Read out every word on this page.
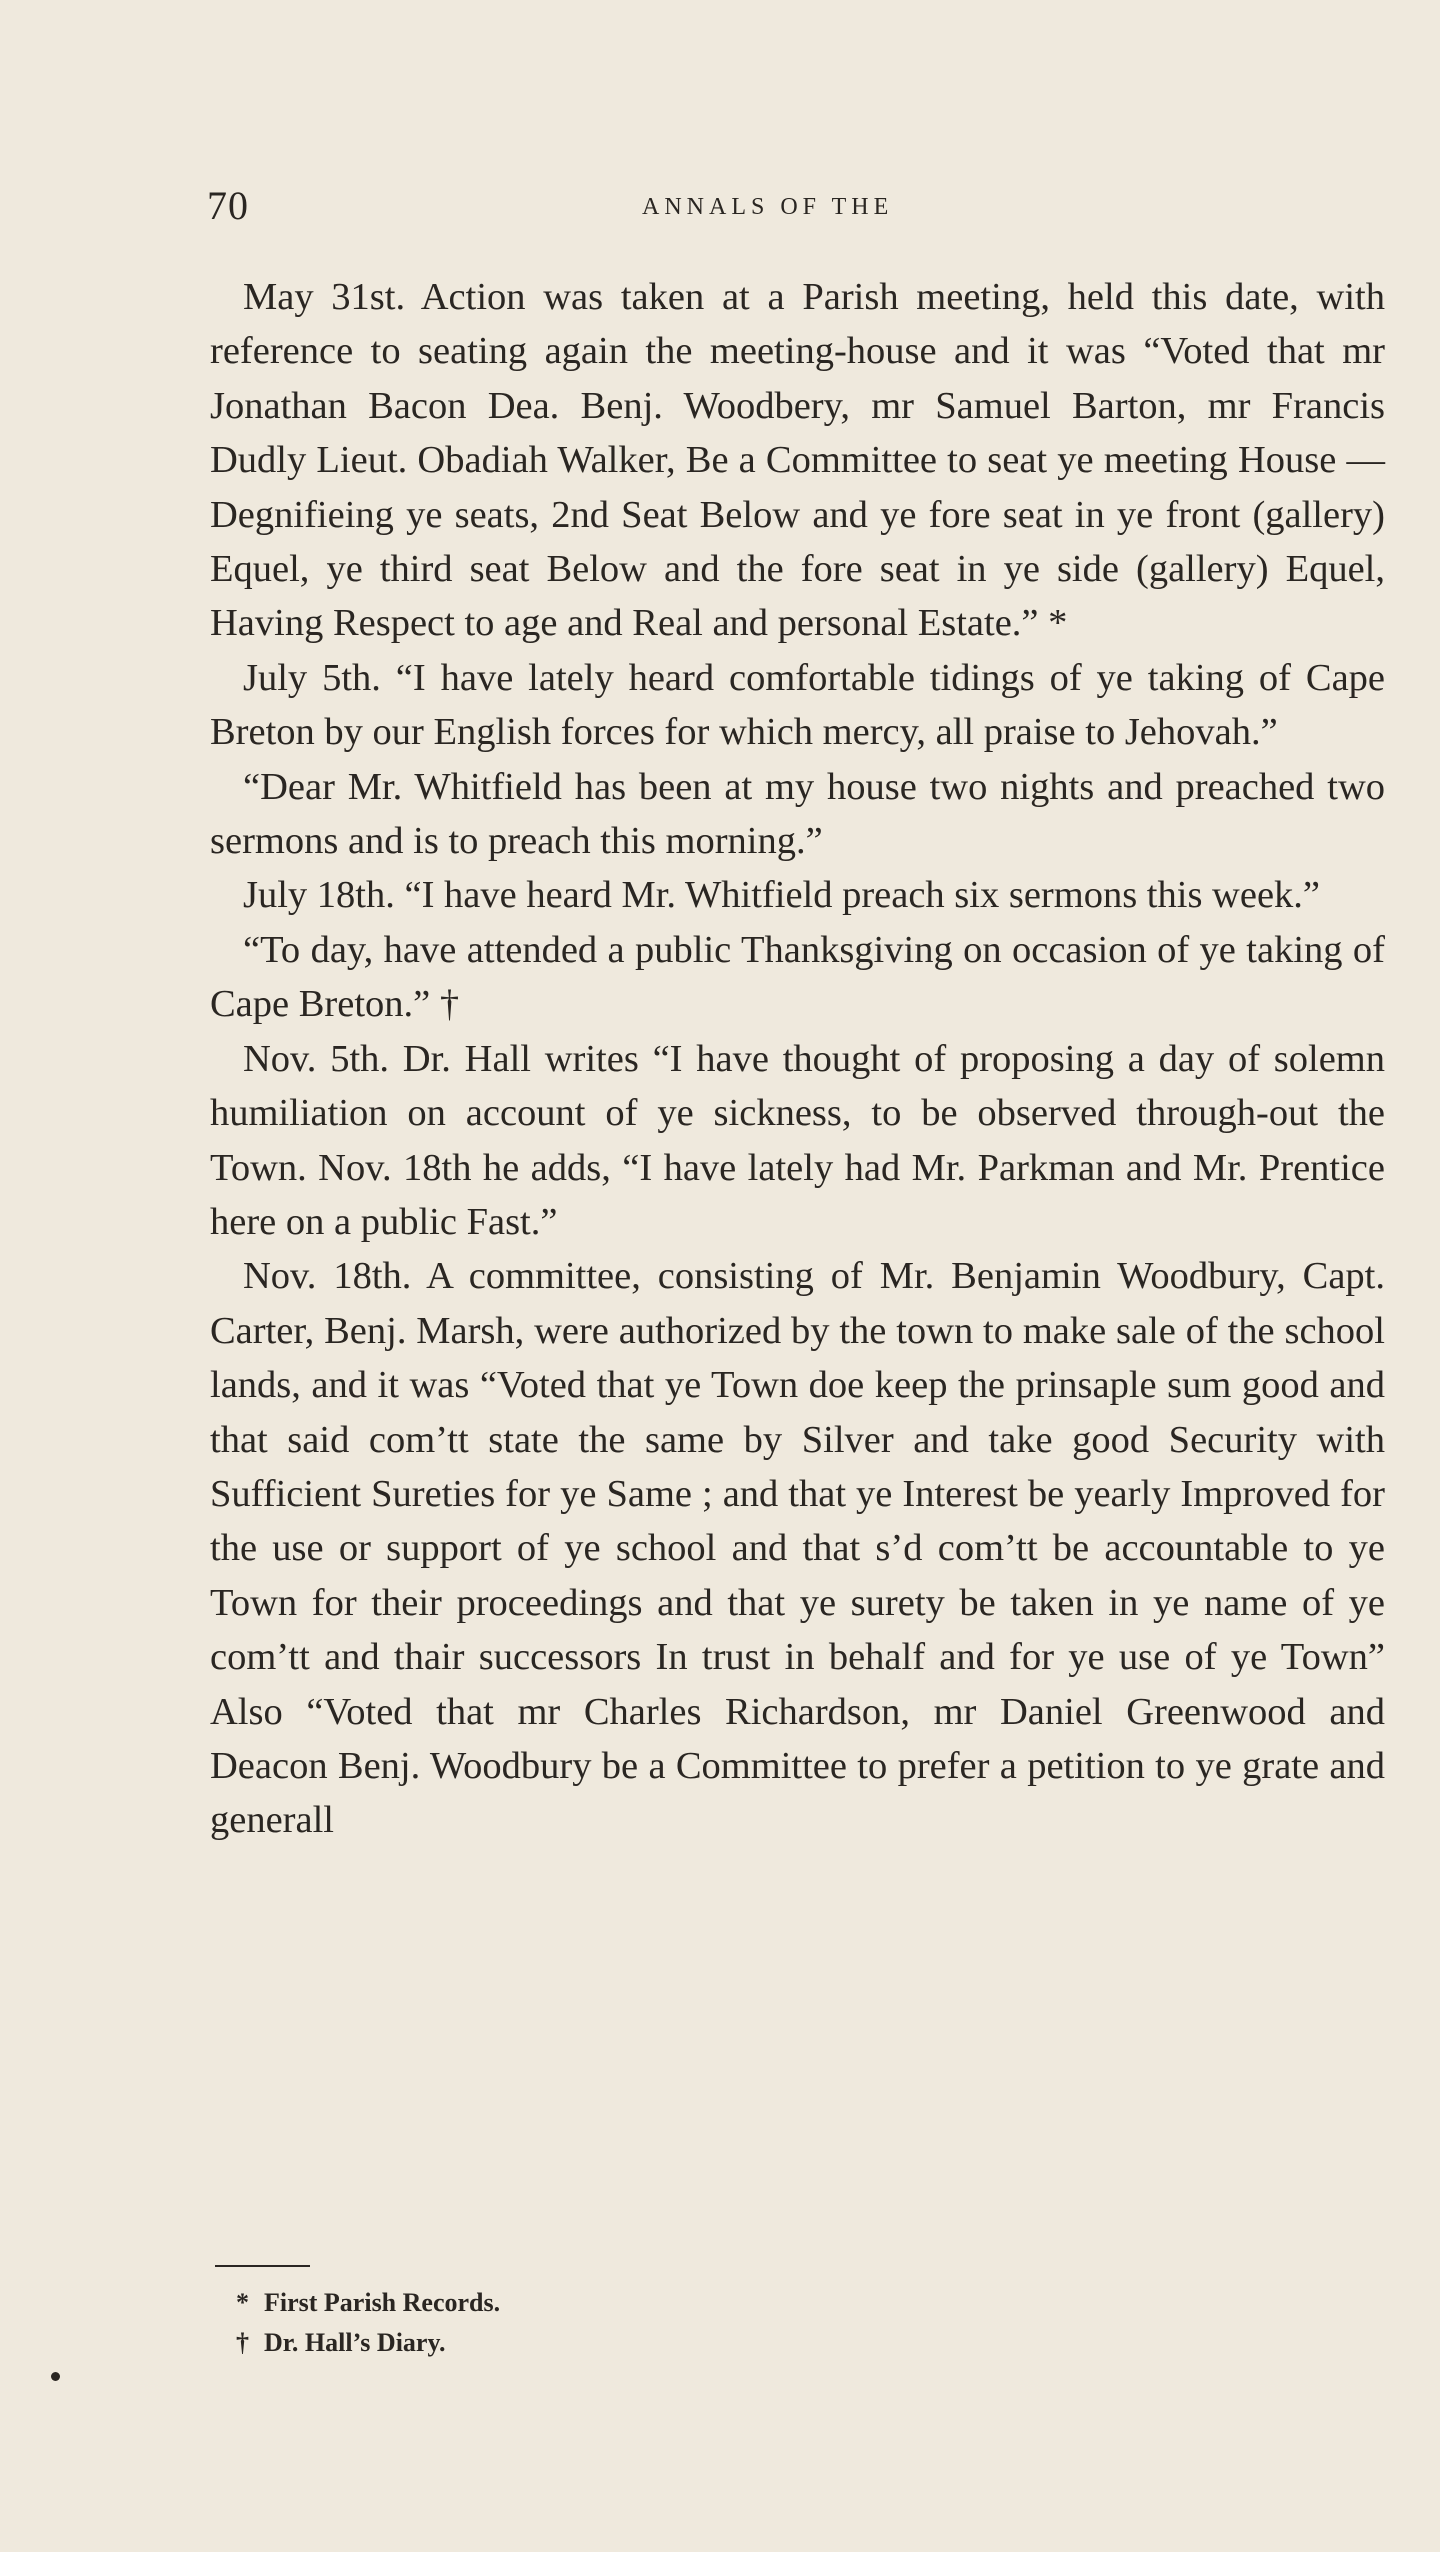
70	ANNALS OF THE

May 31st. Action was taken at a Parish meeting, held this date, with reference to seating again the meeting-house and it was “Voted that mr Jonathan Bacon Dea. Benj. Woodbery, mr Samuel Barton, mr Francis Dudly Lieut. Obadiah Walker, Be a Committee to seat ye meeting House — Degnifieing ye seats, 2nd Seat Below and ye fore seat in ye front (gallery) Equel, ye third seat Below and the fore seat in ye side (gallery) Equel, Having Respect to age and Real and personal Estate.” *

July 5th. “I have lately heard comfortable tidings of ye taking of Cape Breton by our English forces for which mercy, all praise to Jehovah.”

“Dear Mr. Whitfield has been at my house two nights and preached two sermons and is to preach this morning.”

July 18th. “I have heard Mr. Whitfield preach six sermons this week.”

“To day, have attended a public Thanksgiving on occasion of ye taking of Cape Breton.” †

Nov. 5th. Dr. Hall writes “I have thought of proposing a day of solemn humiliation on account of ye sickness, to be observed through-out the Town. Nov. 18th he adds, “I have lately had Mr. Parkman and Mr. Prentice here on a public Fast.”

Nov. 18th. A committee, consisting of Mr. Benjamin Woodbury, Capt. Carter, Benj. Marsh, were authorized by the town to make sale of the school lands, and it was “Voted that ye Town doe keep the prinsaple sum good and that said com’tt state the same by Silver and take good Security with Sufficient Sureties for ye Same ; and that ye Interest be yearly Improved for the use or support of ye school and that s’d com’tt be accountable to ye Town for their proceedings and that ye surety be taken in ye name of ye com’tt and thair successors In trust in behalf and for ye use of ye Town” Also “Voted that mr Charles Richardson, mr Daniel Greenwood and Deacon Benj. Woodbury be a Committee to prefer a petition to ye grate and generall

* First Parish Records.

† Dr. Hall’s Diary.
